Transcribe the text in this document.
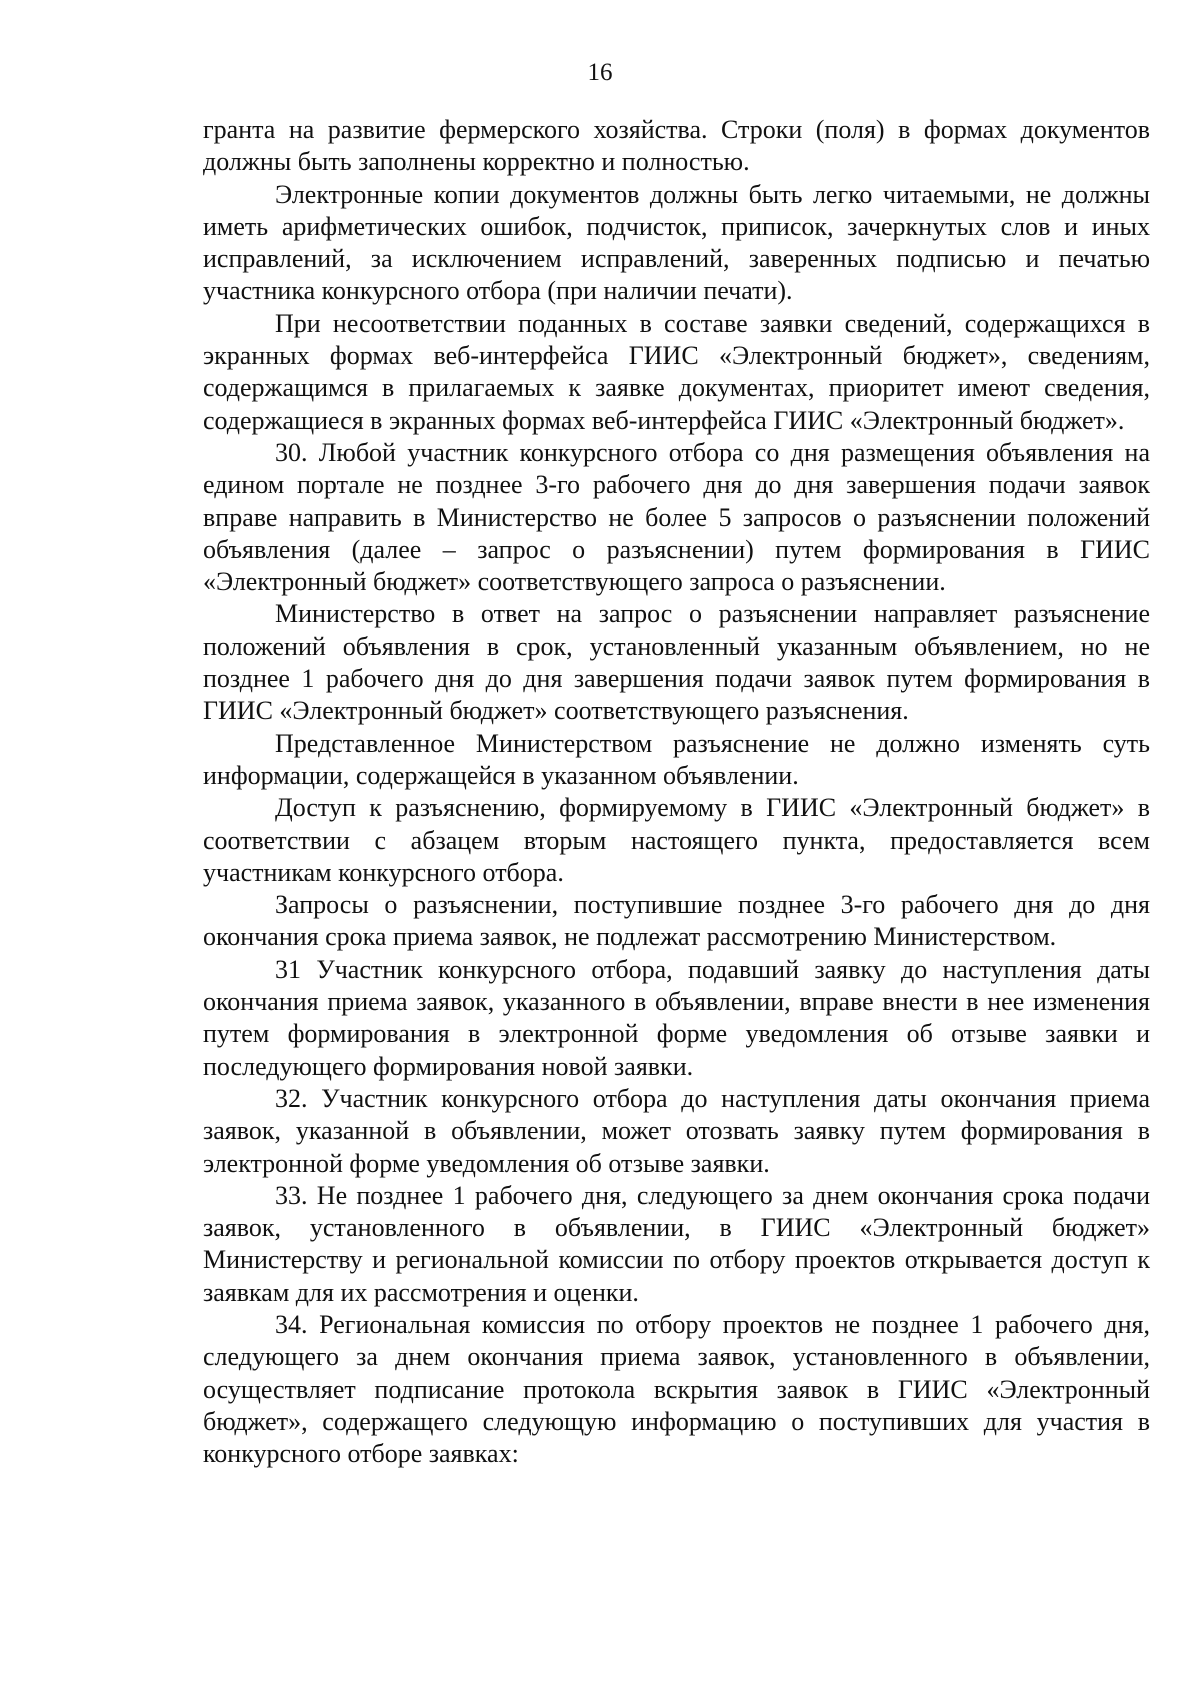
16

гранта на развитие фермерского хозяйства. Строки (поля) в формах документов должны быть заполнены корректно и полностью.

Электронные копии документов должны быть легко читаемыми, не должны иметь арифметических ошибок, подчисток, приписок, зачеркнутых слов и иных исправлений, за исключением исправлений, заверенных подписью и печатью участника конкурсного отбора (при наличии печати).

При несоответствии поданных в составе заявки сведений, содержащихся в экранных формах веб-интерфейса ГИИС «Электронный бюджет», сведениям, содержащимся в прилагаемых к заявке документах, приоритет имеют сведения, содержащиеся в экранных формах веб-интерфейса ГИИС «Электронный бюджет».

30. Любой участник конкурсного отбора со дня размещения объявления на едином портале не позднее 3-го рабочего дня до дня завершения подачи заявок вправе направить в Министерство не более 5 запросов о разъяснении положений объявления (далее – запрос о разъяснении) путем формирования в ГИИС «Электронный бюджет» соответствующего запроса о разъяснении.

Министерство в ответ на запрос о разъяснении направляет разъяснение положений объявления в срок, установленный указанным объявлением, но не позднее 1 рабочего дня до дня завершения подачи заявок путем формирования в ГИИС «Электронный бюджет» соответствующего разъяснения.

Представленное Министерством разъяснение не должно изменять суть информации, содержащейся в указанном объявлении.

Доступ к разъяснению, формируемому в ГИИС «Электронный бюджет» в соответствии с абзацем вторым настоящего пункта, предоставляется всем участникам конкурсного отбора.

Запросы о разъяснении, поступившие позднее 3-го рабочего дня до дня окончания срока приема заявок, не подлежат рассмотрению Министерством.

31 Участник конкурсного отбора, подавший заявку до наступления даты окончания приема заявок, указанного в объявлении, вправе внести в нее изменения путем формирования в электронной форме уведомления об отзыве заявки и последующего формирования новой заявки.

32. Участник конкурсного отбора до наступления даты окончания приема заявок, указанной в объявлении, может отозвать заявку путем формирования в электронной форме уведомления об отзыве заявки.

33. Не позднее 1 рабочего дня, следующего за днем окончания срока подачи заявок, установленного в объявлении, в ГИИС «Электронный бюджет» Министерству и региональной комиссии по отбору проектов открывается доступ к заявкам для их рассмотрения и оценки.

34. Региональная комиссия по отбору проектов не позднее 1 рабочего дня, следующего за днем окончания приема заявок, установленного в объявлении, осуществляет подписание протокола вскрытия заявок в ГИИС «Электронный бюджет», содержащего следующую информацию о поступивших для участия в конкурсного отборе заявках:
